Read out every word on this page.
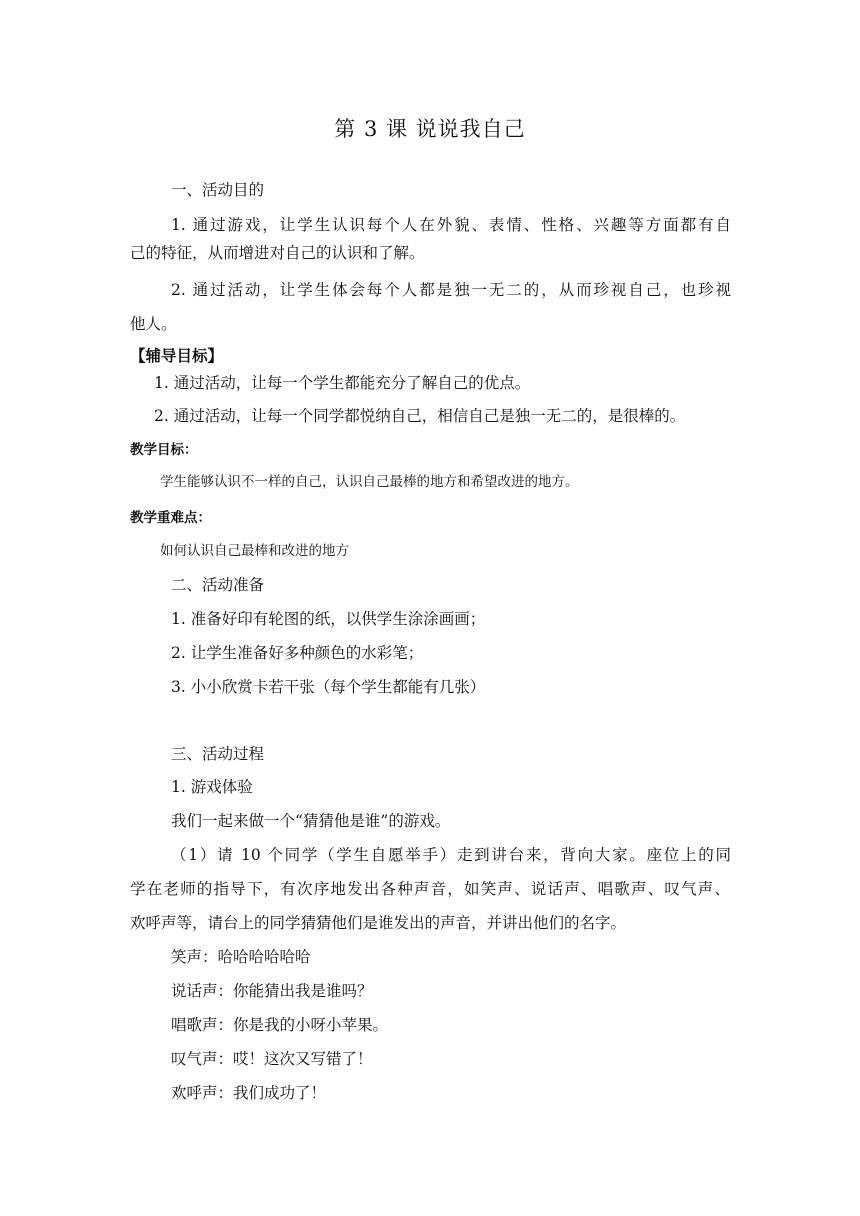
第 3 课 说说我自己
一、活动目的
1. 通过游戏，让学生认识每个人在外貌、表情、性格、兴趣等方面都有自
己的特征，从而增进对自己的认识和了解。
2. 通过活动，让学生体会每个人都是独一无二的，从而珍视自己，也珍视
他人。
【辅导目标】
1. 通过活动，让每一个学生都能充分了解自己的优点。
2. 通过活动，让每一个同学都悦纳自己，相信自己是独一无二的，是很棒的。
教学目标：
学生能够认识不一样的自己，认识自己最棒的地方和希望改进的地方。
教学重难点：
如何认识自己最棒和改进的地方
二、活动准备
1. 准备好印有轮图的纸，以供学生涂涂画画；
2. 让学生准备好多种颜色的水彩笔；
3. 小小欣赏卡若干张（每个学生都能有几张）
三、活动过程
1. 游戏体验
我们一起来做一个“猜猜他是谁”的游戏。
（1）请 10 个同学（学生自愿举手）走到讲台来，背向大家。座位上的同
学在老师的指导下，有次序地发出各种声音，如笑声、说话声、唱歌声、叹气声、
欢呼声等，请台上的同学猜猜他们是谁发出的声音，并讲出他们的名字。
笑声：哈哈哈哈哈哈
说话声：你能猜出我是谁吗？
唱歌声：你是我的小呀小苹果。
叹气声：哎！这次又写错了！
欢呼声：我们成功了！
